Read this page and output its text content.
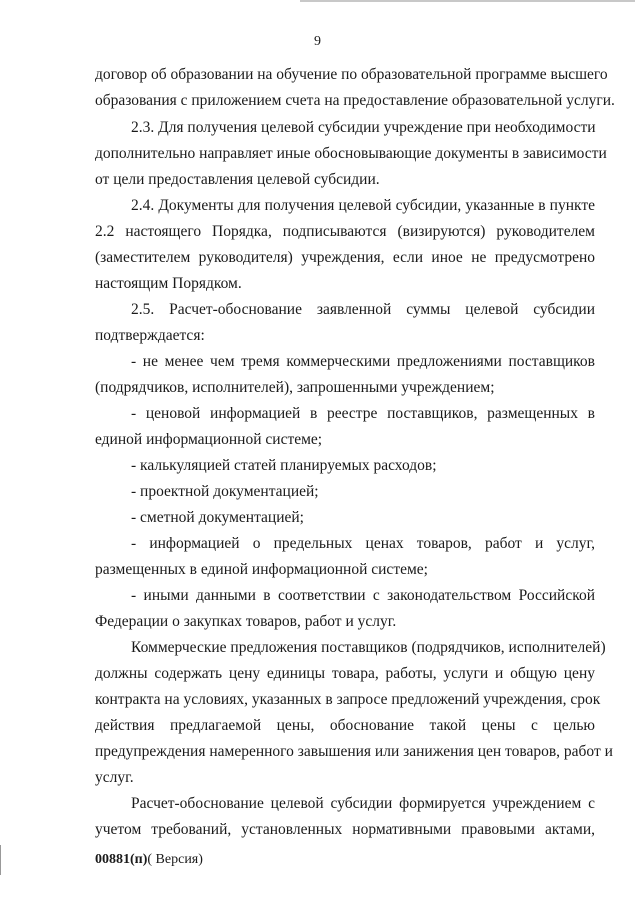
9
договор об образовании на обучение по образовательной программе высшего
образования с приложением счета на предоставление образовательной услуги.
2.3. Для получения целевой субсидии учреждение при необходимости
дополнительно направляет иные обосновывающие документы в зависимости
от цели предоставления целевой субсидии.
2.4. Документы для получения целевой субсидии, указанные в пункте
2.2 настоящего Порядка, подписываются (визируются) руководителем
(заместителем руководителя) учреждения, если иное не предусмотрено
настоящим Порядком.
2.5. Расчет-обоснование заявленной суммы целевой субсидии
подтверждается:
- не менее чем тремя коммерческими предложениями поставщиков
(подрядчиков, исполнителей), запрошенными учреждением;
- ценовой информацией в реестре поставщиков, размещенных в
единой информационной системе;
- калькуляцией статей планируемых расходов;
- проектной документацией;
- сметной документацией;
- информацией о предельных ценах товаров, работ и услуг,
размещенных в единой информационной системе;
- иными данными в соответствии с законодательством Российской
Федерации о закупках товаров, работ и услуг.
Коммерческие предложения поставщиков (подрядчиков, исполнителей)
должны содержать цену единицы товара, работы, услуги и общую цену
контракта на условиях, указанных в запросе предложений учреждения, срок
действия предлагаемой цены, обоснование такой цены с целью
предупреждения намеренного завышения или занижения цен товаров, работ и
услуг.
Расчет-обоснование целевой субсидии формируется учреждением с
учетом требований, установленных нормативными правовыми актами,
00881(п)( Версия)
